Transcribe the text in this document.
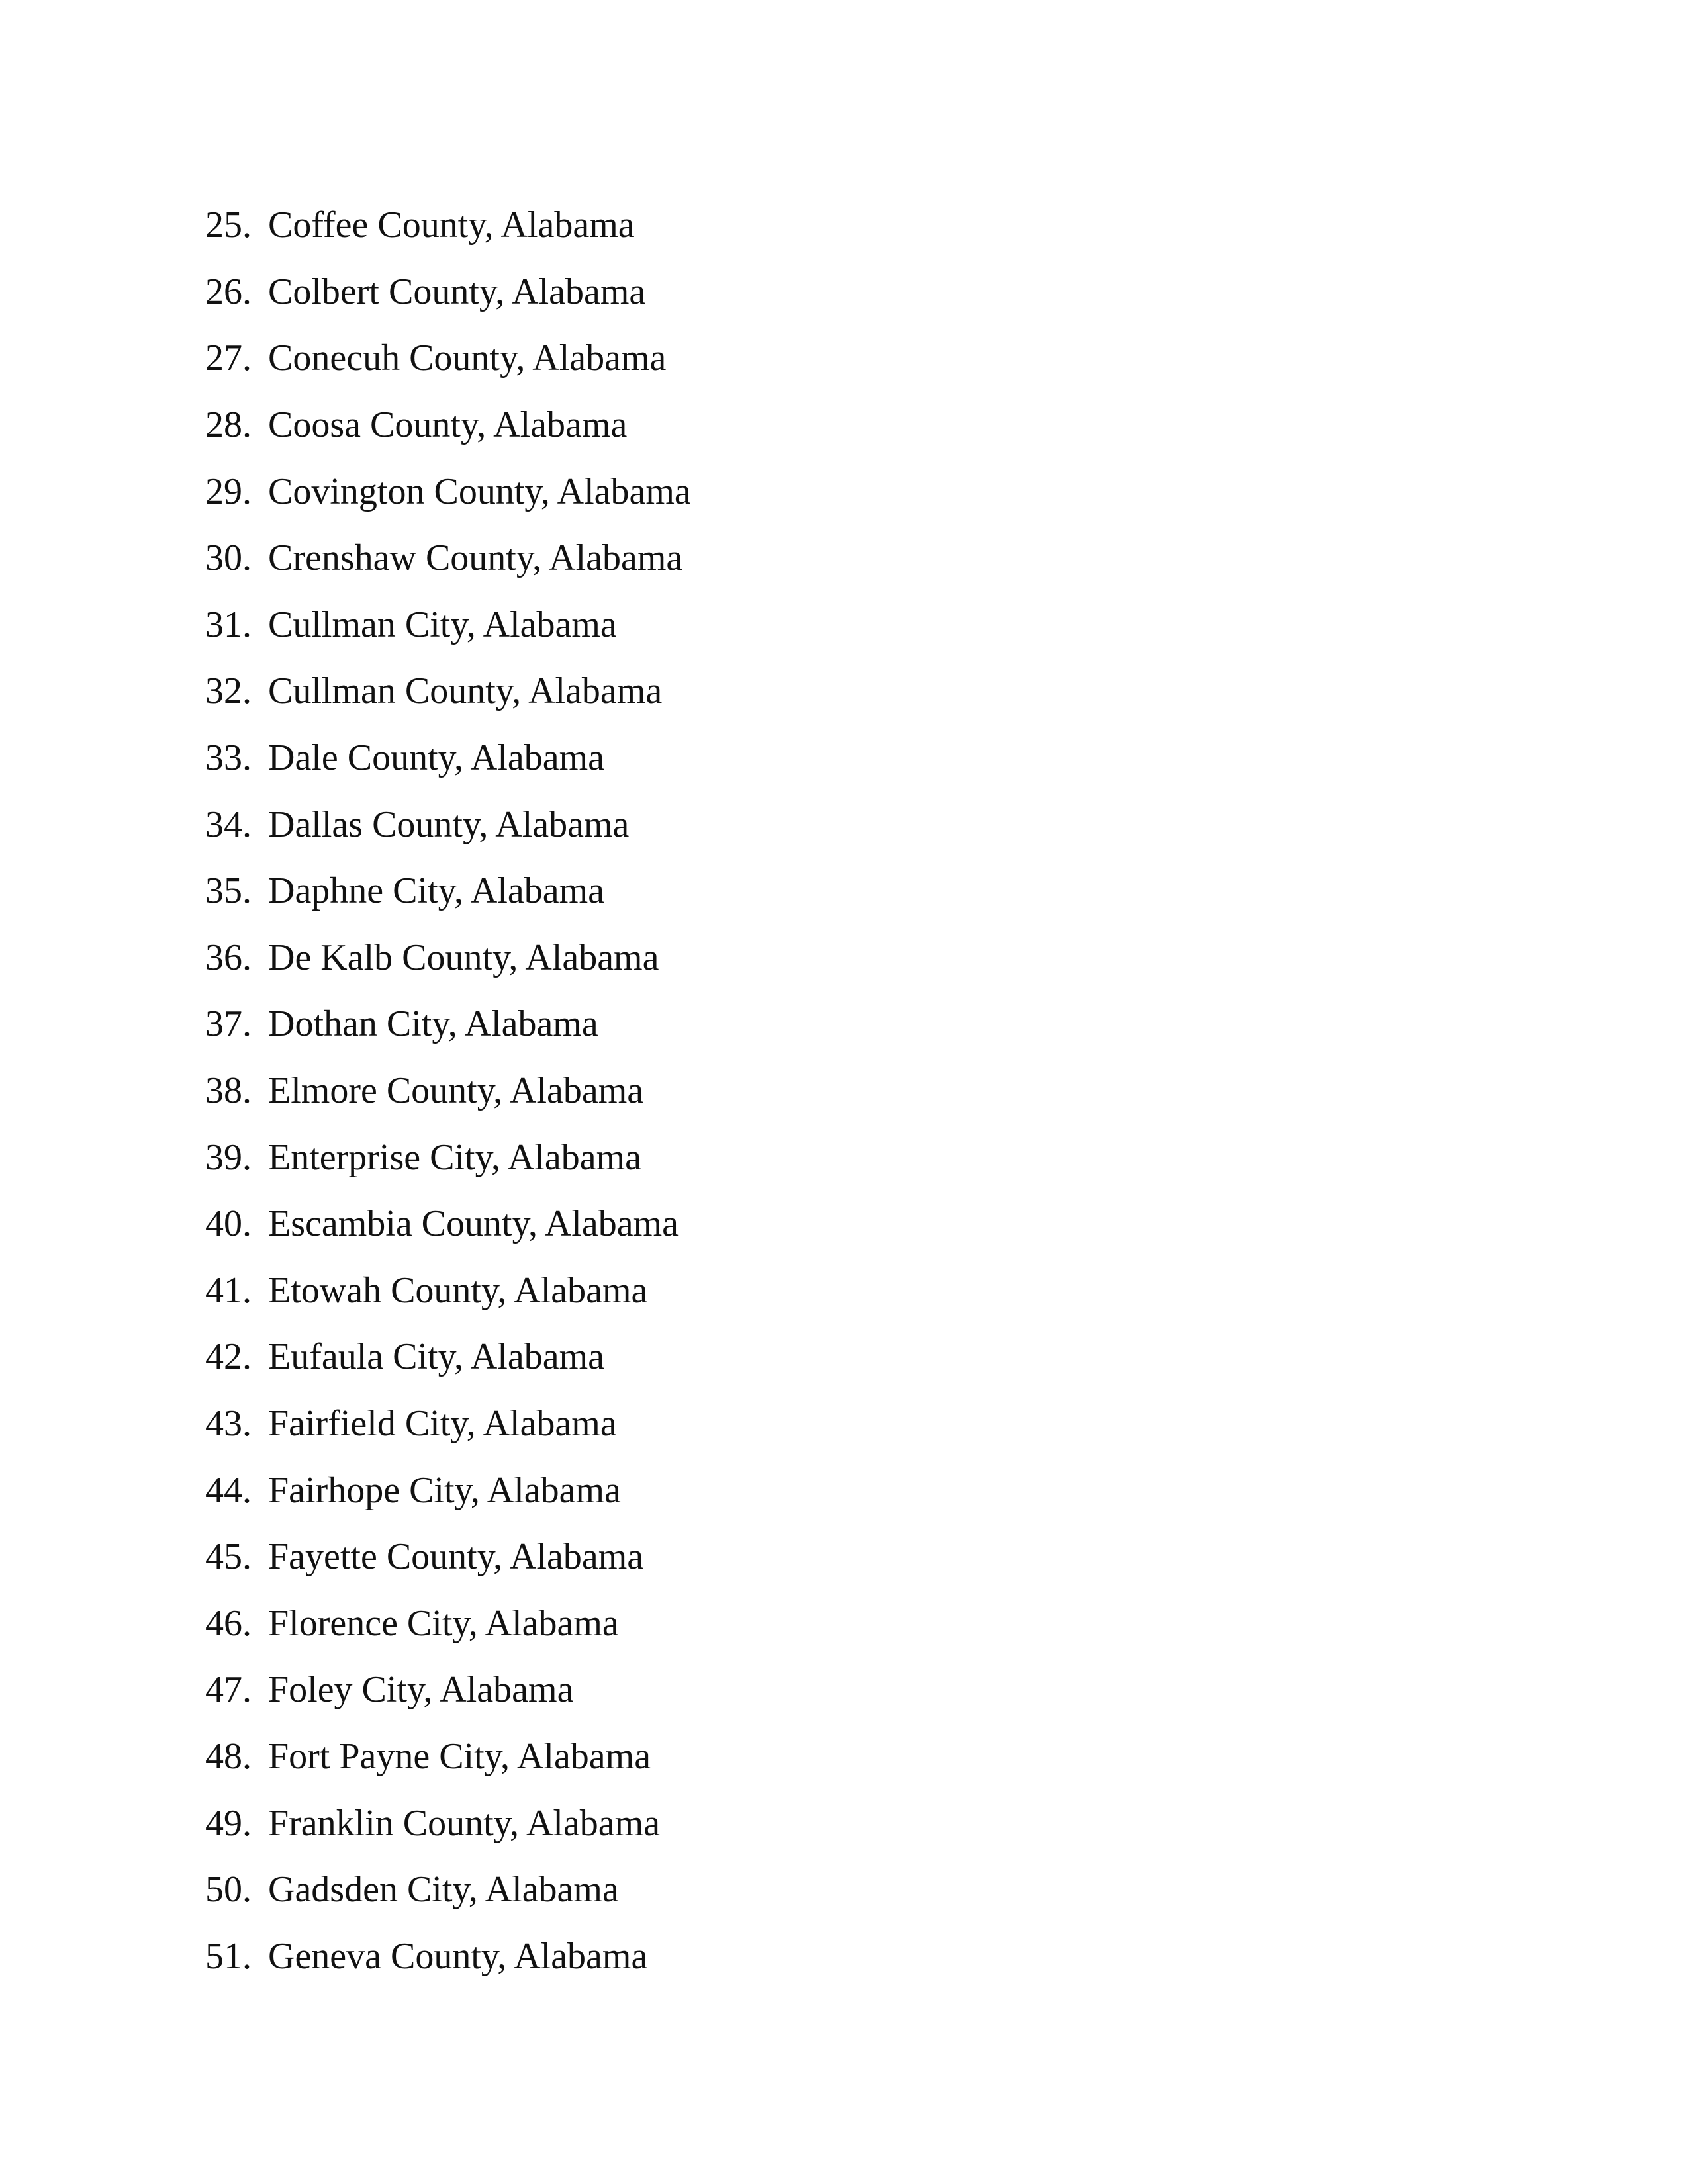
25. Coffee County, Alabama
26. Colbert County, Alabama
27. Conecuh County, Alabama
28. Coosa County, Alabama
29. Covington County, Alabama
30. Crenshaw County, Alabama
31. Cullman City, Alabama
32. Cullman County, Alabama
33. Dale County, Alabama
34. Dallas County, Alabama
35. Daphne City, Alabama
36. De Kalb County, Alabama
37. Dothan City, Alabama
38. Elmore County, Alabama
39. Enterprise City, Alabama
40. Escambia County, Alabama
41. Etowah County, Alabama
42. Eufaula City, Alabama
43. Fairfield City, Alabama
44. Fairhope City, Alabama
45. Fayette County, Alabama
46. Florence City, Alabama
47. Foley City, Alabama
48. Fort Payne City, Alabama
49. Franklin County, Alabama
50. Gadsden City, Alabama
51. Geneva County, Alabama
